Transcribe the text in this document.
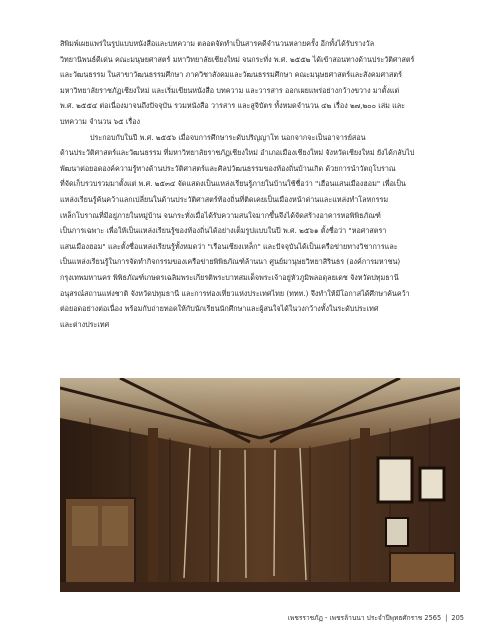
สิพิมพ์เผยแพร่ในรูปแบบหนังสือและบทความ ตลอดจัดทำเป็นสารคดีจำนวนหลายครั้ง อีกทั้งได้รับรางวัล
วิทยานิพนธ์ดีเด่น คณะมนุษยศาสตร์ มหาวิทยาลัยเชียงใหม่ จนกระทั่ง พ.ศ. ๒๕๕๒ ได้เข้าสอนทางด้านประวัติศาสตร์
และวัฒนธรรม ในสาขาวัฒนธรรมศึกษา ภาควิชาสังคมและวัฒนธรรมศึกษา คณะมนุษยศาสตร์และสังคมศาสตร์
มหาวิทยาลัยราชภัฏเชียงใหม่ และเริ่มเขียนหนังสือ บทความ และวารสาร ออกเผยแพร่อย่างกว้างขวาง มาตั้งแต่
พ.ศ. ๒๕๕๔ ต่อเนื่องมาจนถึงปัจจุบัน รวมหนังสือ วารสาร และสูจิบัตร ทั้งหมดจำนวน ๔๒ เรื่อง ๒๗,๒๐๐ เล่ม และ
บทความ จำนวน ๖๕ เรื่อง
ประกอบกับในปี พ.ศ. ๒๕๕๖ เมื่อจบการศึกษาระดับปริญญาโท นอกจากจะเป็นอาจารย์สอน
ด้านประวัติศาสตร์และวัฒนธรรม ที่มหาวิทยาลัยราชภัฏเชียงใหม่ อำเภอเมืองเชียงใหม่ จังหวัดเชียงใหม่ ยังได้กลับไป
พัฒนาต่อยอดองค์ความรู้ทางด้านประวัติศาสตร์และศิลปวัฒนธรรมของท้องถิ่นบ้านเกิด ด้วยการนำวัตถุโบราณ
ที่จัดเก็บรวบรวมมาตั้งแต่ พ.ศ. ๒๕๓๔ จัดแสดงเป็นแหล่งเรียนรู้ภายในบ้านใช้ชื่อว่า "เฮือนแสนเมืองฮอม" เพื่อเป็น
แหล่งเรียนรู้ค้นคว้าแลกเปลี่ยนในด้านประวัติศาสตร์ท้องถิ่นที่ติดเคยเป็นเมืองหน้าด่านและแหล่งทำโลหกรรม
เหล็กโบราณที่มีอยู่ภายในหมู่บ้าน จนกระทั่งเมื่อได้รับความสนใจมากขึ้นจึงได้จัดสร้างอาคารหอพิพิธภัณฑ์
เป็นการเฉพาะ เพื่อให้เป็นแหล่งเรียนรู้ของท้องถิ่นได้อย่างเต็มรูปแบบในปี พ.ศ. ๒๕๖๑ ตั้งชื่อว่า "หอศาสตรา
แสนเมืองฮอม" และตั้งชื่อแหล่งเรียนรู้ทั้งหมดว่า "เรือนเชียงเหล็ก" และปัจจุบันได้เป็นเครือข่ายทางวิชาการและ
เป็นแหล่งเรียนรู้ในการจัดทำกิจกรรมของเครือข่ายพิพิธภัณฑ์ล้านนา ศูนย์มานุษยวิทยาสิรินธร (องค์การมหาชน)
กรุงเทพมหานคร พิพิธภัณฑ์เกษตรเฉลิมพระเกียรติพระบาทสมเด็จพระเจ้าอยู่หัวภูมิพลอดุลยเดช จังหวัดปทุมธานี
อนุสรณ์สถานแห่งชาติ จังหวัดปทุมธานี และการท่องเที่ยวแห่งประเทศไทย (ททท.) จึงทำให้มีโอกาสได้ศึกษาค้นคว้า
ต่อยอดอย่างต่อเนื่อง พร้อมกับถ่ายทอดให้กับนักเรียนนักศึกษาและผู้สนใจได้ในวงกว้างทั้งในระดับประเทศ
และต่างประเทศ
เพชรราชภัฏ - เพชรล้านนา ประจำปีพุทธศักราช 2565 | 205
